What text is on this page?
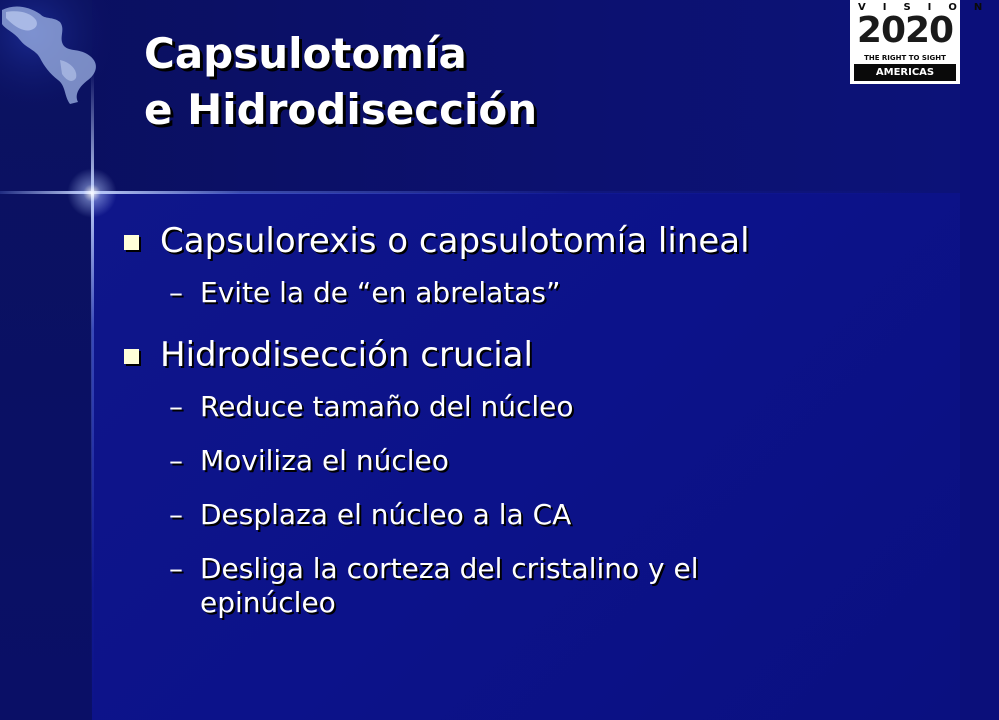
Capsulotomía
e Hidrodisección
VISION
2020
THE RIGHT TO SIGHT
AMERICAS

Capsulorexis o capsulotomía lineal

– Evite la de “en abrelatas”

Hidrodisección crucial

– Reduce tamaño del núcleo

– Moviliza el núcleo

– Desplaza el núcleo a la CA

– Desliga la corteza del cristalino y el epinúcleo
